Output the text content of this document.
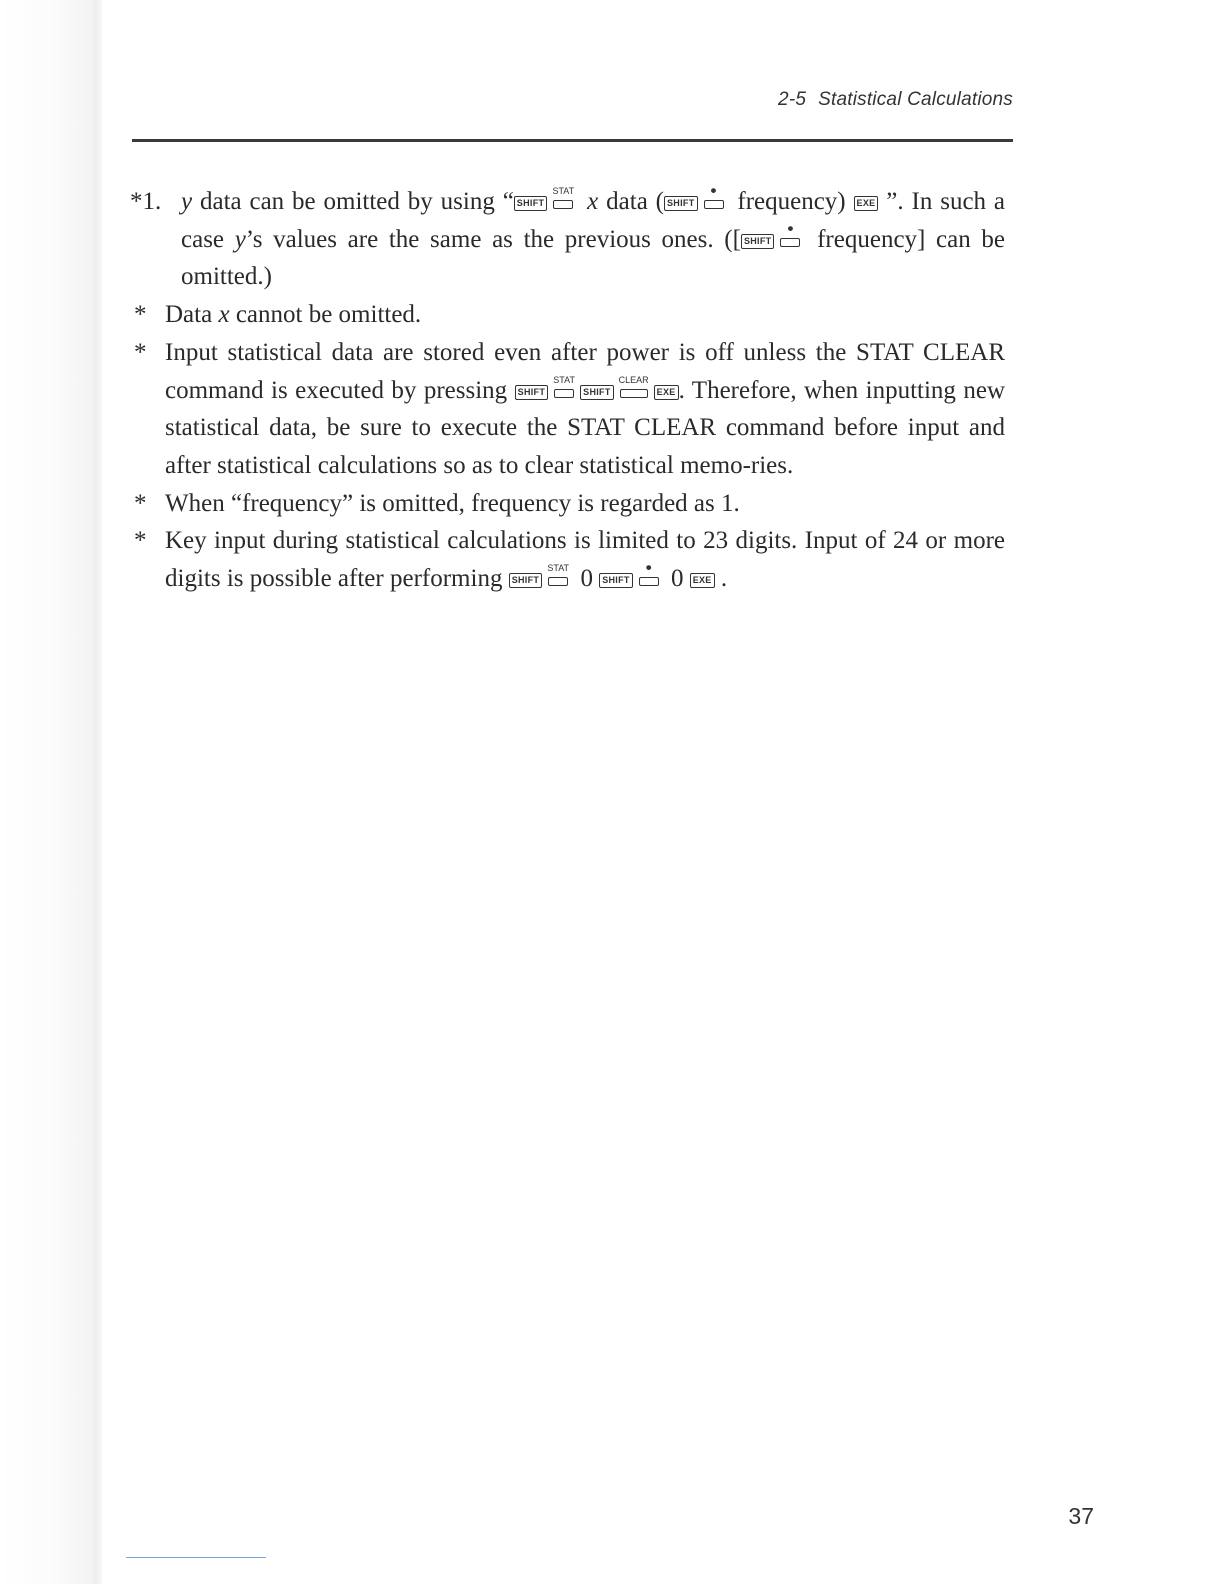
2-5 Statistical Calculations
*1. y data can be omitted by using “ SHIFT
STAT x data ( SHIFT
• frequency) EXE ”. In such a case y’s values are the same as the previous ones. ([ SHIFT
• frequency] can be omitted.)
* Data x cannot be omitted.
* Input statistical data are stored even after power is off unless the STAT CLEAR command is executed by pressing SHIFT
STAT
SHIFT
CLEAR
EXE . Therefore, when inputting new statistical data, be sure to execute the STAT CLEAR command before input and after statistical calculations so as to clear statistical memo-ries.
* When “frequency” is omitted, frequency is regarded as 1.
* Key input during statistical calculations is limited to 23 digits. Input of 24 or more digits is possible after performing SHIFT
STAT 0 SHIFT
• 0 EXE .
37
